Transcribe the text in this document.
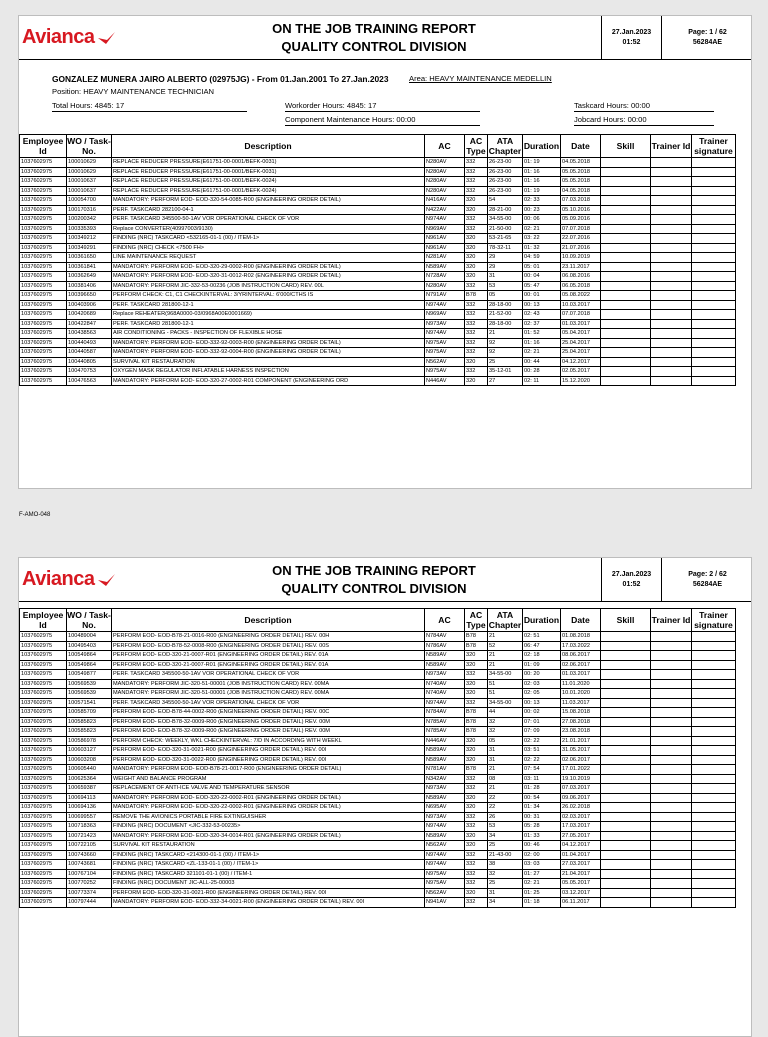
Avianca	ON THE JOB TRAINING REPORT
QUALITY CONTROL DIVISION
27.Jan.2023
01:52
Page: 1 / 62
56284AE
GONZALEZ MUNERA JAIRO ALBERTO (02975JG) - From 01.Jan.2001 To 27.Jan.2023	Area: HEAVY MAINTENANCE MEDELLIN
Position: HEAVY MAINTENANCE TECHNICIAN
Total Hours: 4845: 17	Workorder Hours: 4845: 17
Component Maintenance Hours: 00:00
Taskcard Hours: 00:00
Jobcard Hours: 00:00
Employee Id	WO / Task-No.	Description	AC	AC Type	ATA Chapter	Duration	Date	Skill	Trainer Id	Trainer signature
1037602975	100010629	REPLACE REDUCER PRESSURE(E61751-00-0001/BEFK-0031)	N280AV	332	26-23-00	01: 19	04.05.2018			
1037602975	100010629	REPLACE REDUCER PRESSURE(E61751-00-0001/BEFK-0031)	N280AV	332	26-23-00	01: 16	05.05.2018			
1037602975	100010637	REPLACE REDUCER PRESSURE(E61751-00-0001/BEFK-0024)	N280AV	332	26-23-00	01: 16	05.05.2018			
1037602975	100010637	REPLACE REDUCER PRESSURE(E61751-00-0001/BEFK-0024)	N280AV	332	26-23-00	01: 19	04.05.2018			
1037602975	100054700	MANDATORY: PERFORM EOD- EOD-320-54-0085-R00 (ENGINEERING ORDER DETAIL)	N416AV	320	54	02: 33	07.03.2018			
1037602975	100170316	PERF. TASKCARD 282100-04-1	N422AV	320	28-21-00	00: 23	05.10.2016			
1037602975	100200342	PERF. TASKCARD 345500-50-1AV VOR OPERATIONAL CHECK OF VOR	N974AV	332	34-55-00	00: 06	05.09.2016			
1037602975	100335393	Replace CONVERTER(40997003/9130)	N969AV	332	21-50-00	02: 21	07.07.2018			
1037602975	100349212	FINDING (NRC) TASKCARD <532165-01-1 (00) / ITEM-1>	N961AV	320	53-21-65	03: 22	22.07.2016			
1037602975	100349291	FINDING (NRC) CHECK <7500 FH>	N961AV	320	78-32-11	01: 32	21.07.2016			
1037602975	100361650	LINE MAINTENANCE REQUEST	N281AV	320	29	04: 59	10.09.2019			
1037602975	100361841	MANDATORY: PERFORM EOD- EOD-320-29-0002-R00 (ENGINEERING ORDER DETAIL)	N589AV	320	29	05: 01	23.11.2017			
1037602975	100362649	MANDATORY: PERFORM EOD- EOD-320-31-0012-R02 (ENGINEERING ORDER DETAIL)	N728AV	320	31	00: 04	06.08.2016			
1037602975	100381406	MANDATORY: PERFORM JIC-332-53-00236 (JOB INSTRUCTION CARD) REV. 00L	N280AV	332	53	05: 47	06.05.2018			
1037602975	100396650	PERFORM CHECK: C1, C1 CHECKINTERVAL: 3/YRINTERVAL: 6'000/CTHS IS	N791AV	B78	05	00: 01	05.08.2022			
1037602975	100403906	PERF. TASKCARD 281800-12-1	N974AV	332	28-18-00	00: 13	10.03.2017			
1037602975	100420689	Replace REHEATER(968A0000-03/0968A00E0001669)	N969AV	332	21-52-00	02: 43	07.07.2018			
1037602975	100422847	PERF. TASKCARD 281800-12-1	N973AV	332	28-18-00	02: 37	01.03.2017			
1037602975	100438563	AIR CONDITIONING - PACKS - INSPECTION OF FLEXIBLE HOSE	N974AV	332	21	01: 52	05.04.2017			
1037602975	100440493	MANDATORY: PERFORM EOD- EOD-332-92-0003-R00 (ENGINEERING ORDER DETAIL)	N975AV	332	92	01: 16	25.04.2017			
1037602975	100440587	MANDATORY: PERFORM EOD- EOD-332-92-0004-R00 (ENGINEERING ORDER DETAIL)	N975AV	332	92	02: 21	25.04.2017			
1037602975	100440805	SURVIVAL KIT RESTAURATION	N562AV	320	25	00: 44	04.12.2017			
1037602975	100470753	OXYGEN MASK REGULATOR INFLATABLE HARNESS INSPECTION	N975AV	332	35-12-01	00: 28	02.05.2017			
1037602975	100476563	MANDATORY: PERFORM EOD- EOD-320-27-0002-R01 COMPONENT (ENGINEERING ORD	N446AV	320	27	02: 11	15.12.2020			
F-AMO-048
Avianca	ON THE JOB TRAINING REPORT
QUALITY CONTROL DIVISION
27.Jan.2023
01:52
Page: 2 / 62
56284AE
Employee Id	WO / Task-No.	Description	AC	AC Type	ATA Chapter	Duration	Date	Skill	Trainer Id	Trainer signature
1037602975	100489004	PERFORM EOD- EOD-B78-21-0016-R00 (ENGINEERING ORDER DETAIL) REV. 00H	N784AV	B78	21	02: 51	01.08.2018			
1037602975	100495403	PERFORM EOD- EOD-B78-52-0008-R00 (ENGINEERING ORDER DETAIL) REV. 00S	N786AV	B78	52	06: 47	17.03.2022			
1037602975	100549864	PERFORM EOD- EOD-320-21-0007-R01 (ENGINEERING ORDER DETAIL) REV. 01A	N589AV	320	21	02: 18	08.06.2017			
1037602975	100549864	PERFORM EOD- EOD-320-21-0007-R01 (ENGINEERING ORDER DETAIL) REV. 01A	N589AV	320	21	01: 09	02.06.2017			
1037602975	100549877	PERF. TASKCARD 345500-50-1AV VOR OPERATIONAL CHECK OF VOR	N973AV	332	34-55-00	00: 20	01.03.2017			
1037602975	100569539	MANDATORY: PERFORM JIC-320-51-00001 (JOB INSTRUCTION CARD) REV. 00MA	N740AV	320	51	02: 03	11.01.2020			
1037602975	100569539	MANDATORY: PERFORM JIC-320-51-00001 (JOB INSTRUCTION CARD) REV. 00MA	N740AV	320	51	02: 05	10.01.2020			
1037602975	100571541	PERF. TASKCARD 345500-50-1AV VOR OPERATIONAL CHECK OF VOR	N974AV	332	34-55-00	00: 13	11.03.2017			
1037602975	100585709	PERFORM EOD- EOD-B78-44-0002-R00 (ENGINEERING ORDER DETAIL) REV. 00C	N784AV	B78	44	00: 02	15.08.2018			
1037602975	100585823	PERFORM EOD- EOD-B78-32-0009-R00 (ENGINEERING ORDER DETAIL) REV. 00M	N785AV	B78	32	07: 01	27.08.2018			
1037602975	100585823	PERFORM EOD- EOD-B78-32-0009-R00 (ENGINEERING ORDER DETAIL) REV. 00M	N785AV	B78	32	07: 09	23.08.2018			
1037602975	100586978	PERFORM CHECK: WEEKLY, WKL CHECKINTERVAL: 7/D IN ACCORDING WITH WEEKL	N446AV	320	05	02: 22	21.01.2017			
1037602975	100603127	PERFORM EOD- EOD-320-31-0021-R00 (ENGINEERING ORDER DETAIL) REV. 00I	N589AV	320	31	03: 51	31.05.2017			
1037602975	100603208	PERFORM EOD- EOD-320-31-0022-R00 (ENGINEERING ORDER DETAIL) REV. 00I	N589AV	320	31	02: 22	02.06.2017			
1037602975	100605440	MANDATORY: PERFORM EOD- EOD-B78-21-0017-R00 (ENGINEERING ORDER DETAIL)	N781AV	B78	21	07: 54	17.01.2022			
1037602975	100625364	WEIGHT AND BALANCE PROGRAM	N342AV	332	08	03: 11	19.10.2019			
1037602975	100659387	REPLACEMENT OF ANTI-ICE VALVE AND TEMPERATURE SENSOR	N973AV	332	21	01: 28	07.03.2017			
1037602975	100694113	MANDATORY: PERFORM EOD- EOD-320-22-0002-R01 (ENGINEERING ORDER DETAIL)	N589AV	320	22	00: 54	09.06.2017			
1037602975	100694136	MANDATORY: PERFORM EOD- EOD-320-22-0002-R01 (ENGINEERING ORDER DETAIL)	N695AV	320	22	01: 34	26.02.2018			
1037602975	100699557	REMOVE THE AVIONICS PORTABLE FIRE EXTINGUISHER	N973AV	332	26	00: 31	02.03.2017			
1037602975	100718363	FINDING (NRC) DOCUMENT <JIC-332-53-00235>	N974AV	332	53	05: 28	17.03.2017			
1037602975	100721423	MANDATORY: PERFORM EOD- EOD-320-34-0014-R01 (ENGINEERING ORDER DETAIL)	N589AV	320	34	01: 33	27.05.2017			
1037602975	100722105	SURVIVAL KIT RESTAURATION	N562AV	320	25	00: 46	04.12.2017			
1037602975	100743660	FINDING (NRC) TASKCARD <214300-01-1 (00) / ITEM-1>	N974AV	332	21-43-00	02: 00	01.04.2017			
1037602975	100743681	FINDING (NRC) TASKCARD <ZL-133-01-1 (00) / ITEM-1>	N974AV	332	38	03: 03	27.03.2017			
1037602975	100767104	FINDING (NRC) TASKCARD 321101-01-1 (00) / ITEM-1	N975AV	332	32	01: 27	21.04.2017			
1037602975	100770252	FINDING (NRC) DOCUMENT JIC-ALL-25-00003	N975AV	332	25	02: 21	05.05.2017			
1037602975	100773374	PERFORM EOD- EOD-320-31-0021-R00 (ENGINEERING ORDER DETAIL) REV. 00I	N562AV	320	31	01: 25	03.12.2017			
1037602975	100797444	MANDATORY: PERFORM EOD- EOD-332-34-0021-R00 (ENGINEERING ORDER DETAIL) REV. 00I	N941AV	332	34	01: 18	06.11.2017			
